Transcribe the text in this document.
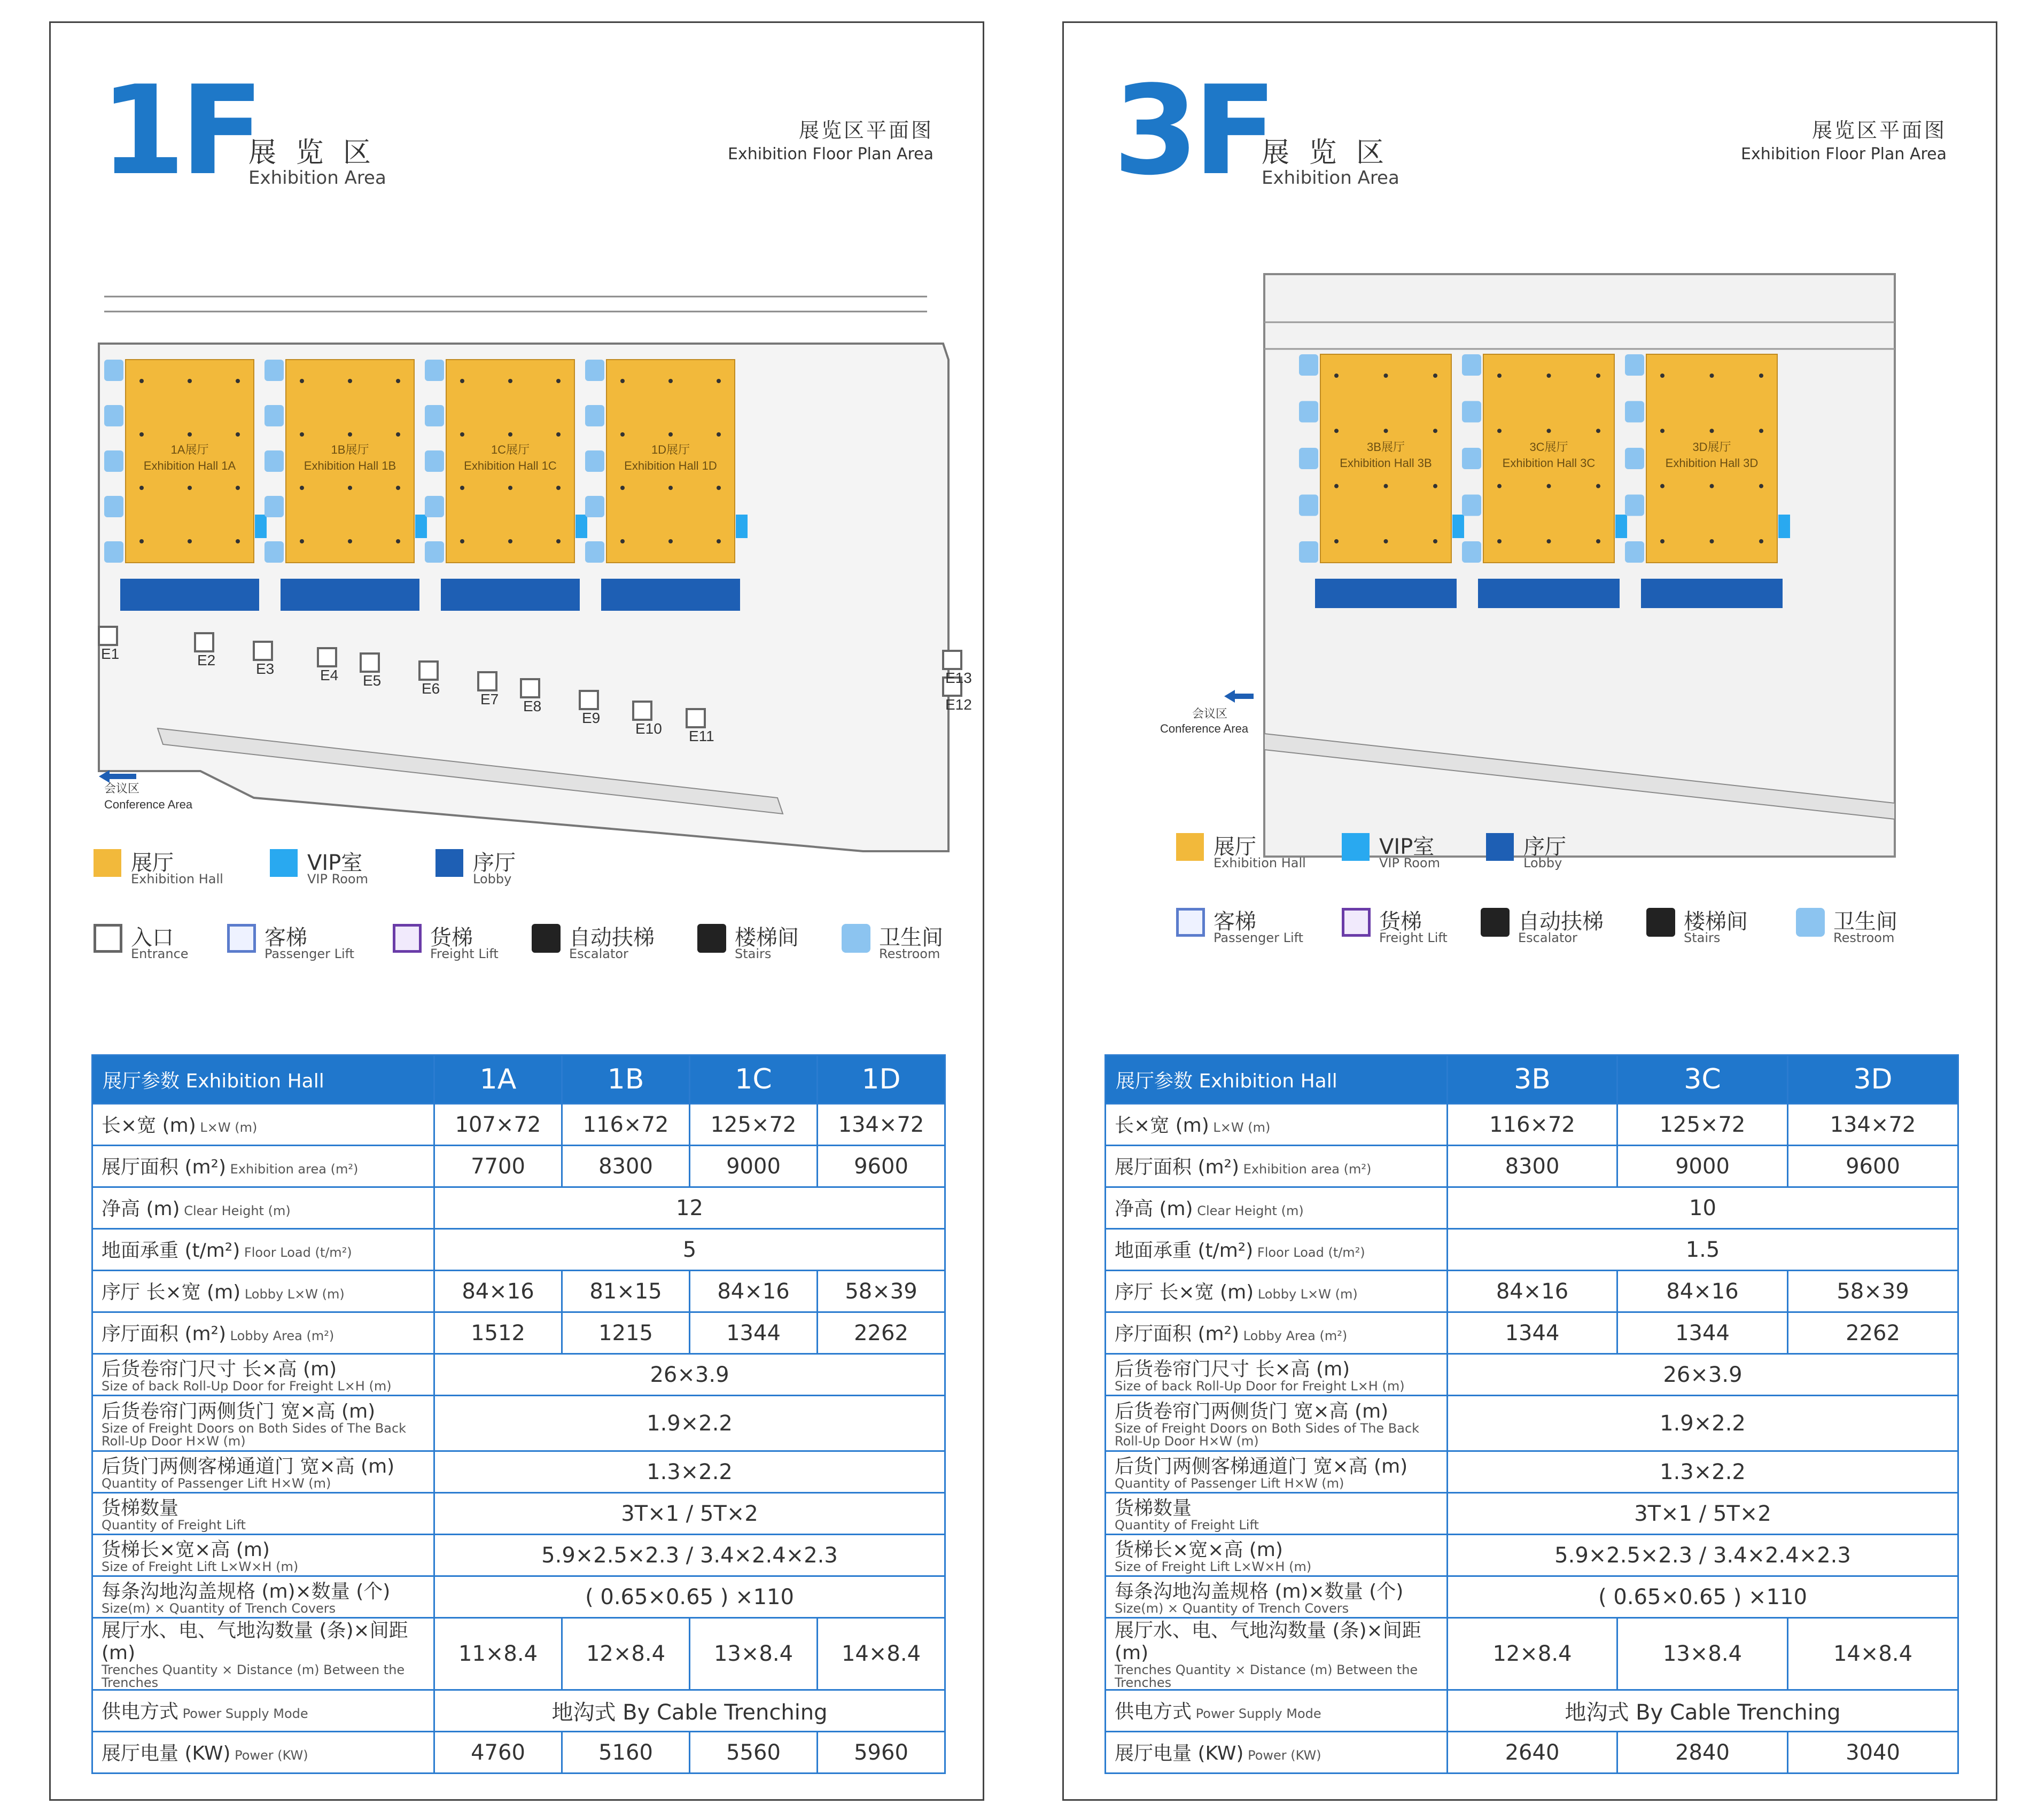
1F
展 览 区
Exhibition Area
展览区平面图
Exhibition Floor Plan Area
1A展厅
Exhibition Hall 1A
1B展厅
Exhibition Hall 1B
1C展厅
Exhibition Hall 1C
1D展厅
Exhibition Hall 1D
会议区
Conference Area
E1	E2
E3	E4 E5	E6
E7 E8
E9
E10 E11
E12
E13
展厅
Exhibition Hall
VIP室
VIP Room
序厅
Lobby
入口
Entrance
客梯
Passenger Lift
货梯
Freight Lift
自动扶梯
Escalator
楼梯间
Stairs
卫生间
Restroom
展厅参数 Exhibition Hall	1A	1B	1C	1D
长×宽 (m) L×W (m)	107×72	116×72	125×72	134×72
展厅面积 (m²) Exhibition area (m²)	7700	8300	9000	9600
净高 (m) Clear Height (m)	12			
地面承重 (t/m²) Floor Load (t/m²)	5			
序厅 长×宽 (m) Lobby L×W (m)	84×16	81×15	84×16	58×39
序厅面积 (m²) Lobby Area (m²)	1512	1215	1344	2262
后货卷帘门尺寸 长×高 (m)

Size of back Roll-Up Door for Freight L×H (m)	26×3.9			
后货卷帘门两侧货门 宽×高 (m)

Size of Freight Doors on Both Sides of The Back Roll-Up Door H×W (m)	1.9×2.2			
后货门两侧客梯通道门 宽×高 (m)

Quantity of Passenger Lift H×W (m)	1.3×2.2			
货梯数量

Quantity of Freight Lift	3T×1 / 5T×2			
货梯长×宽×高 (m)

Size of Freight Lift L×W×H (m)	5.9×2.5×2.3 / 3.4×2.4×2.3			
每条沟地沟盖规格 (m)×数量 (个)

Size(m) × Quantity of Trench Covers	( 0.65×0.65 ) ×110			
展厅水、电、气地沟数量 (条)×间距 (m)

Trenches Quantity × Distance (m) Between the Trenches	11×8.4	12×8.4	13×8.4	14×8.4
供电方式 Power Supply Mode	地沟式 By Cable Trenching			
展厅电量 (KW) Power (KW)	4760	5160	5560	5960
3F
展 览 区
Exhibition Area
展览区平面图
Exhibition Floor Plan Area
3B展厅
Exhibition Hall 3B
3C展厅
Exhibition Hall 3C
3D展厅
Exhibition Hall 3D
会议区
Conference Area
展厅
Exhibition Hall
VIP室
VIP Room
序厅
Lobby
客梯
Passenger Lift
货梯
Freight Lift
自动扶梯
Escalator
楼梯间
Stairs
卫生间
Restroom
展厅参数 Exhibition Hall	3B	3C	3D
长×宽 (m) L×W (m)	116×72	125×72	134×72
展厅面积 (m²) Exhibition area (m²)	8300	9000	9600
净高 (m) Clear Height (m)	10		
地面承重 (t/m²) Floor Load (t/m²)	1.5		
序厅 长×宽 (m) Lobby L×W (m)	84×16	84×16	58×39
序厅面积 (m²) Lobby Area (m²)	1344	1344	2262
后货卷帘门尺寸 长×高 (m)

Size of back Roll-Up Door for Freight L×H (m)	26×3.9		
后货卷帘门两侧货门 宽×高 (m)

Size of Freight Doors on Both Sides of The Back Roll-Up Door H×W (m)	1.9×2.2		
后货门两侧客梯通道门 宽×高 (m)

Quantity of Passenger Lift H×W (m)	1.3×2.2		
货梯数量

Quantity of Freight Lift	3T×1 / 5T×2		
货梯长×宽×高 (m)

Size of Freight Lift L×W×H (m)	5.9×2.5×2.3 / 3.4×2.4×2.3		
每条沟地沟盖规格 (m)×数量 (个)

Size(m) × Quantity of Trench Covers	( 0.65×0.65 ) ×110		
展厅水、电、气地沟数量 (条)×间距 (m)

Trenches Quantity × Distance (m) Between the Trenches	12×8.4	13×8.4	14×8.4
供电方式 Power Supply Mode	地沟式 By Cable Trenching		
展厅电量 (KW) Power (KW)	2640	2840	3040
